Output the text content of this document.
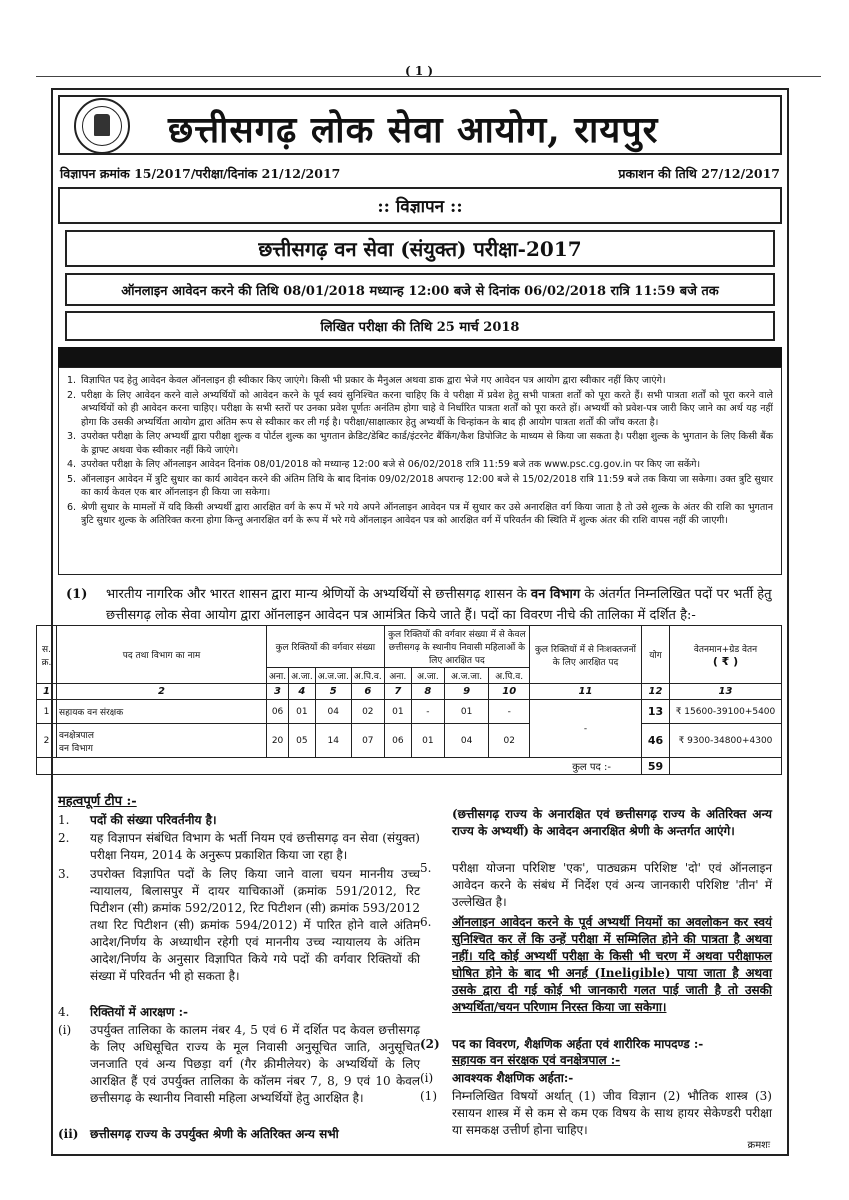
( 1 )
छत्तीसगढ़ लोक सेवा आयोग, रायपुर
विज्ञापन क्रमांक 15/2017/परीक्षा/दिनांक 21/12/2017	प्रकाशन की तिथि 27/12/2017
:: विज्ञापन ::
छत्तीसगढ़ वन सेवा (संयुक्त) परीक्षा-2017
ऑनलाइन आवेदन करने की तिथि 08/01/2018 मध्यान्ह 12:00 बजे से दिनांक 06/02/2018 रात्रि 11:59 बजे तक
लिखित परीक्षा की तिथि 25 मार्च 2018
1. विज्ञापित पद हेतु आवेदन केवल ऑनलाइन ही स्वीकार किए जाएंगे। किसी भी प्रकार के मैनुअल अथवा डाक द्वारा भेजे गए आवेदन पत्र आयोग द्वारा स्वीकार नहीं किए जाएंगे।
2. परीक्षा के लिए आवेदन करने वाले अभ्यर्थियों को आवेदन करने के पूर्व स्वयं सुनिश्चित करना चाहिए कि वे परीक्षा में प्रवेश हेतु सभी पात्रता शर्तों को पूरा करते हैं। सभी पात्रता शर्तों को पूरा करने वाले अभ्यर्थियों को ही आवेदन करना चाहिए। परीक्षा के सभी स्तरों पर उनका प्रवेश पूर्णतः अनंतिम होगा चाहे वे निर्धारित पात्रता शर्तों को पूरा करते हों। अभ्यर्थी को प्रवेश-पत्र जारी किए जाने का अर्थ यह नहीं होगा कि उसकी अभ्यर्थिता आयोग द्वारा अंतिम रूप से स्वीकार कर ली गई है। परीक्षा/साक्षात्कार हेतु अभ्यर्थी के चिन्हांकन के बाद ही आयोग पात्रता शर्तों की जाँच करता है।
3. उपरोक्त परीक्षा के लिए अभ्यर्थी द्वारा परीक्षा शुल्क व पोर्टल शुल्क का भुगतान क्रेडिट/डेबिट कार्ड/इंटरनेट बैंकिंग/कैश डिपोजिट के माध्यम से किया जा सकता है। परीक्षा शुल्क के भुगतान के लिए किसी बैंक के ड्राफ्ट अथवा चेक स्वीकार नहीं किये जाएंगे।
4. उपरोक्त परीक्षा के लिए ऑनलाइन आवेदन दिनांक 08/01/2018 को मध्यान्ह 12:00 बजे से 06/02/2018 रात्रि 11:59 बजे तक www.psc.cg.gov.in पर किए जा सकेंगे।
5. ऑनलाइन आवेदन में त्रुटि सुधार का कार्य आवेदन करने की अंतिम तिथि के बाद दिनांक 09/02/2018 अपरान्ह 12:00 बजे से 15/02/2018 रात्रि 11:59 बजे तक किया जा सकेगा। उक्त त्रुटि सुधार का कार्य केवल एक बार ऑनलाइन ही किया जा सकेगा।
6. श्रेणी सुधार के मामलों में यदि किसी अभ्यर्थी द्वारा आरक्षित वर्ग के रूप में भरे गये अपने ऑनलाइन आवेदन पत्र में सुधार कर उसे अनारक्षित वर्ग किया जाता है तो उसे शुल्क के अंतर की राशि का भुगतान त्रुटि सुधार शुल्क के अतिरिक्त करना होगा किन्तु अनारक्षित वर्ग के रूप में भरे गये ऑनलाइन आवेदन पत्र को आरक्षित वर्ग में परिवर्तन की स्थिति में शुल्क अंतर की राशि वापस नहीं की जाएगी।
(1)	भारतीय नागरिक और भारत शासन द्वारा मान्य श्रेणियों के अभ्यर्थियों से छत्तीसगढ़ शासन के वन विभाग के अंतर्गत निम्नलिखित पदों पर भर्ती हेतु छत्तीसगढ़ लोक सेवा आयोग द्वारा ऑनलाइन आवेदन पत्र आमंत्रित किये जाते हैं। पदों का विवरण नीचे की तालिका में दर्शित है:-
स. क्र.	पद तथा विभाग का नाम	कुल रिक्तियों की वर्गवार संख्या				कुल रिक्तियों की वर्गवार संख्या में से केवल छत्तीसगढ़ के स्थानीय निवासी महिलाओं के लिए आरक्षित पद				कुल रिक्तियों में से निःशक्तजनों के लिए आरक्षित पद	योग	वेतनमान+ग्रेड वेतन
( ₹ )

		अना.	अ.जा.	अ.ज.जा.	अ.पि.व.	अना.	अ.जा.	अ.ज.जा.	अ.पि.व.			
1	2	3	4	5	6	7	8	9	10	11	12	13
1	सहायक वन संरक्षक	06	01	04	02	01	-	01	-	-	13	₹ 15600-39100+5400
2	वनक्षेत्रपाल
वन विभाग	20	05	14	07	06	01	04	02		46	₹ 9300-34800+4300
कुल पद :-											59	
महत्वपूर्ण टीप :-
1.	पदों की संख्या परिवर्तनीय है।
2.	यह विज्ञापन संबंधित विभाग के भर्ती नियम एवं छत्तीसगढ़ वन सेवा (संयुक्त) परीक्षा नियम, 2014 के अनुरूप प्रकाशित किया जा रहा है।
3.	उपरोक्त विज्ञापित पदों के लिए किया जाने वाला चयन माननीय उच्च न्यायालय, बिलासपुर में दायर याचिकाओं (क्रमांक 591/2012, रिट पिटीशन (सी) क्रमांक 592/2012, रिट पिटीशन (सी) क्रमांक 593/2012 तथा रिट पिटीशन (सी) क्रमांक 594/2012) में पारित होने वाले अंतिम आदेश/निर्णय के अध्याधीन रहेगी एवं माननीय उच्च न्यायालय के अंतिम आदेश/निर्णय के अनुसार विज्ञापित किये गये पदों की वर्गवार रिक्तियों की संख्या में परिवर्तन भी हो सकता है।
4.	रिक्तियों में आरक्षण :-
(i)	उपर्युक्त तालिका के कालम नंबर 4, 5 एवं 6 में दर्शित पद केवल छत्तीसगढ़ के लिए अधिसूचित राज्य के मूल निवासी अनुसूचित जाति, अनुसूचित जनजाति एवं अन्य पिछड़ा वर्ग (गैर क्रीमीलेयर) के अभ्यर्थियों के लिए आरक्षित हैं एवं उपर्युक्त तालिका के कॉलम नंबर 7, 8, 9 एवं 10 केवल छत्तीसगढ़ के स्थानीय निवासी महिला अभ्यर्थियों हेतु आरक्षित है।
(ii) छत्तीसगढ़ राज्य के उपर्युक्त श्रेणी के अतिरिक्त अन्य सभी
(छत्तीसगढ़ राज्य के अनारक्षित एवं छत्तीसगढ़ राज्य के अतिरिक्त अन्य राज्य के अभ्यर्थी) के आवेदन अनारक्षित श्रेणी के अन्तर्गत आएंगे।
5.	परीक्षा योजना परिशिष्ट 'एक', पाठ्यक्रम परिशिष्ट 'दो' एवं ऑनलाइन आवेदन करने के संबंध में निर्देश एवं अन्य जानकारी परिशिष्ट 'तीन' में उल्लेखित है।
6.	ऑनलाइन आवेदन करने के पूर्व अभ्यर्थी नियमों का अवलोकन कर स्वयं सुनिश्चित कर लें कि उन्हें परीक्षा में सम्मिलित होने की पात्रता है अथवा नहीं। यदि कोई अभ्यर्थी परीक्षा के किसी भी चरण में अथवा परीक्षाफल घोषित होने के बाद भी अनर्ह (Ineligible) पाया जाता है अथवा उसके द्वारा दी गई कोई भी जानकारी गलत पाई जाती है तो उसकी अभ्यर्थिता/चयन परिणाम निरस्त किया जा सकेगा।
(2)	पद का विवरण, शैक्षणिक अर्हता एवं शारीरिक मापदण्ड :-
सहायक वन संरक्षक एवं वनक्षेत्रपाल :-
(i)	आवश्यक शैक्षणिक अर्हता:-
(1)	निम्नलिखित विषयों अर्थात् (1) जीव विज्ञान (2) भौतिक शास्त्र (3) रसायन शास्त्र में से कम से कम एक विषय के साथ हायर सेकेण्डरी परीक्षा या समकक्ष उत्तीर्ण होना चाहिए।
क्रमशः
